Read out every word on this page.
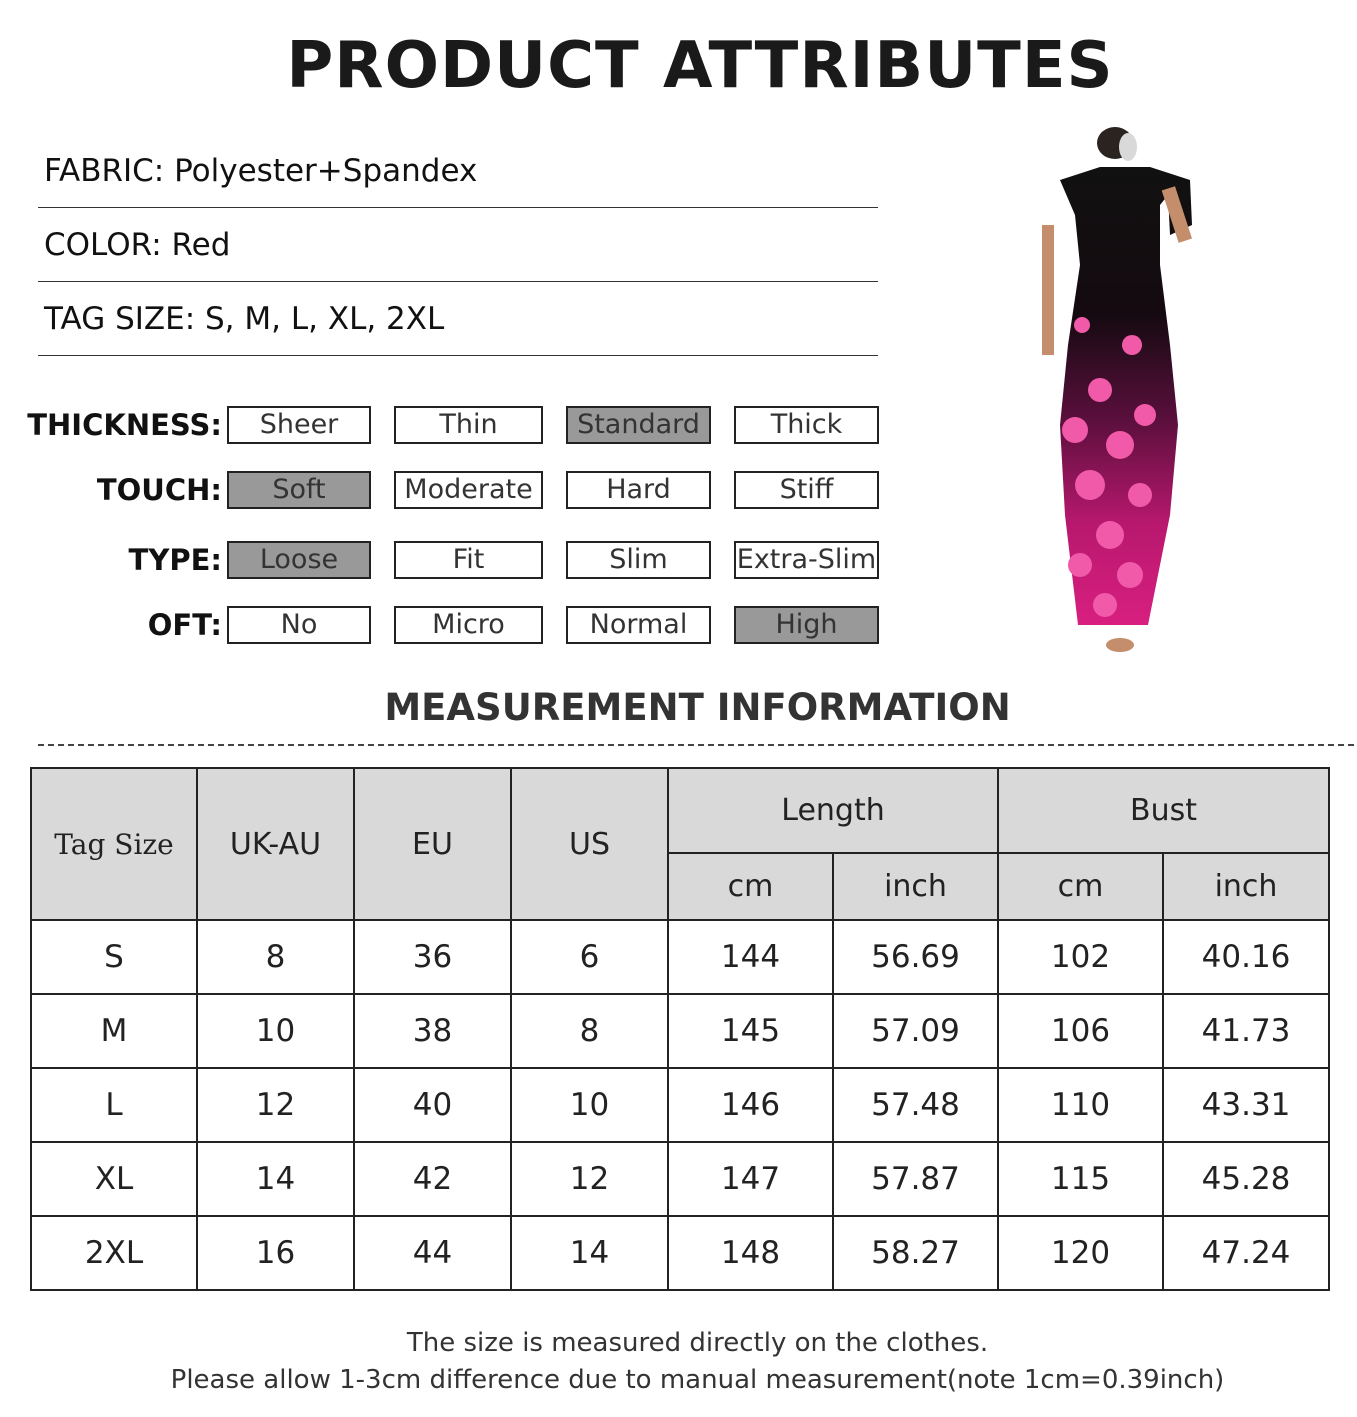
PRODUCT ATTRIBUTES
FABRIC: Polyester+Spandex
COLOR: Red
TAG SIZE: S, M, L, XL, 2XL
THICKNESS:	Sheer	Thin	Standard	Thick
TOUCH:	Soft	Moderate	Hard	Stiff
TYPE:	Loose	Fit	Slim	Extra-Slim
OFT:	No	Micro	Normal	High
MEASUREMENT INFORMATION
Tag Size	UK-AU	EU	US	Length		Bust	
				cm	inch	cm	inch
S	8	36	6	144	56.69	102	40.16
M	10	38	8	145	57.09	106	41.73
L	12	40	10	146	57.48	110	43.31
XL	14	42	12	147	57.87	115	45.28
2XL	16	44	14	148	58.27	120	47.24
The size is measured directly on the clothes.
Please allow 1-3cm difference due to manual measurement(note 1cm=0.39inch)
